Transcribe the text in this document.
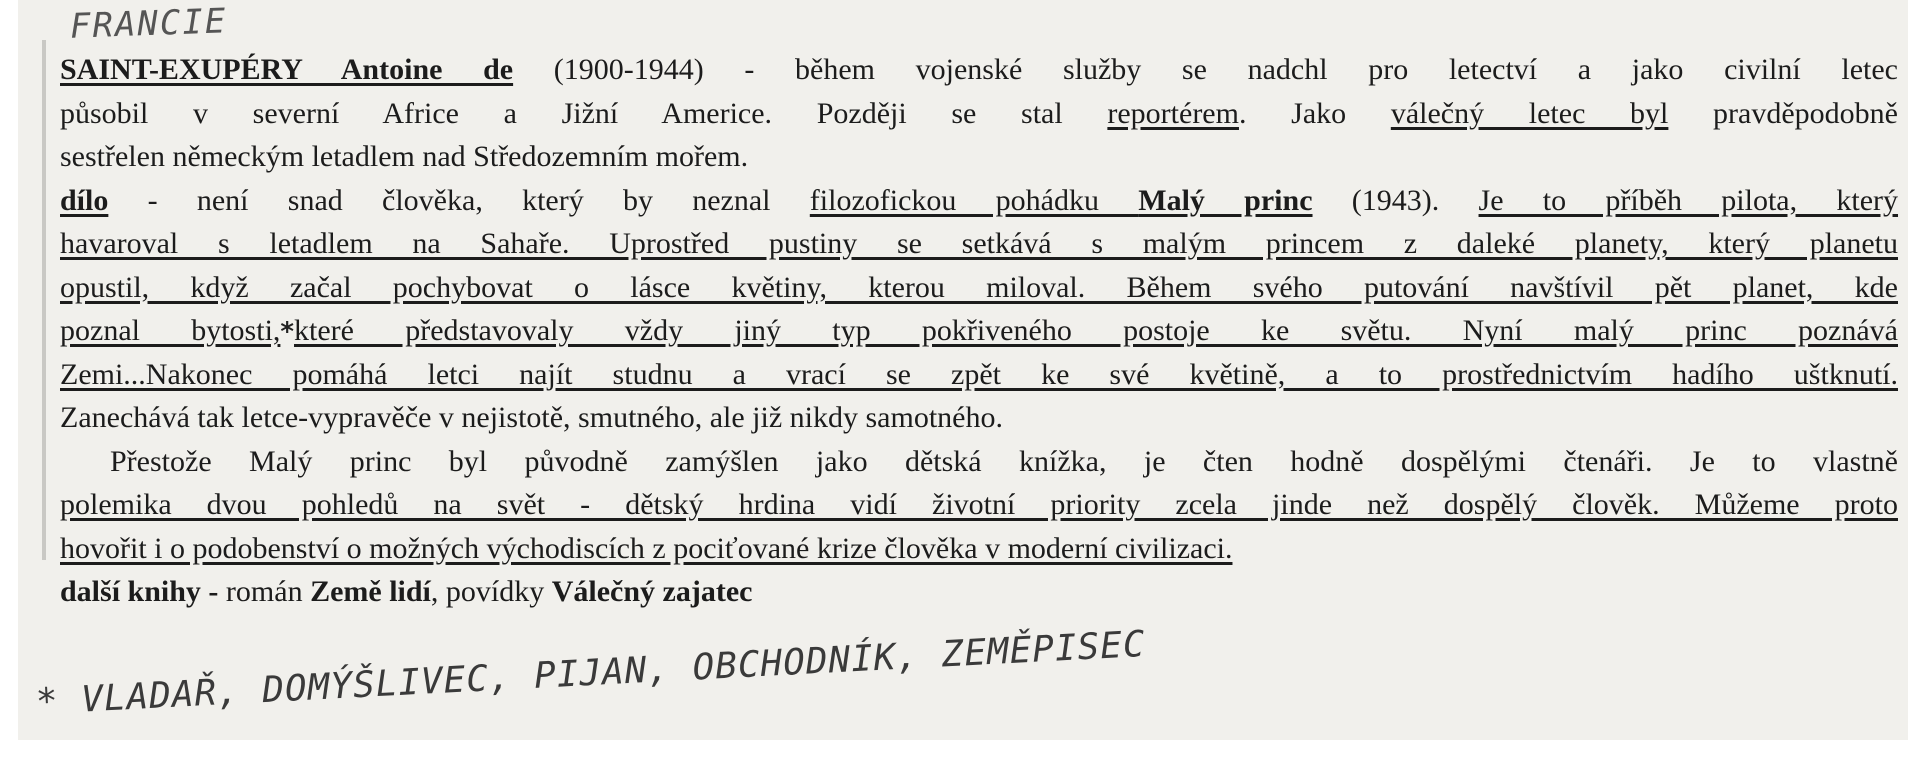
FRANCIE
SAINT-EXUPÉRY Antoine de (1900-1944) - během vojenské služby se nadchl pro letectví a jako civilní letec
působil v severní Africe a Jižní Americe. Později se stal reportérem. Jako válečný letec byl pravděpodobně
sestřelen německým letadlem nad Středozemním mořem.
dílo - není snad člověka, který by neznal filozofickou pohádku Malý princ (1943). Je to příběh pilota, který
havaroval s letadlem na Sahaře. Uprostřed pustiny se setkává s malým princem z daleké planety, který planetu
opustil, když začal pochybovat o lásce květiny, kterou miloval. Během svého putování navštívil pět planet, kde
poznal bytosti,*které představovaly vždy jiný typ pokřiveného postoje ke světu. Nyní malý princ poznává
Zemi...Nakonec pomáhá letci najít studnu a vrací se zpět ke své květině, a to prostřednictvím hadího uštknutí.
Zanechává tak letce-vypravěče v nejistotě, smutného, ale již nikdy samotného.
Přestože Malý princ byl původně zamýšlen jako dětská knížka, je čten hodně dospělými čtenáři. Je to vlastně
polemika dvou pohledů na svět - dětský hrdina vidí životní priority zcela jinde než dospělý člověk. Můžeme proto
hovořit i o podobenství o možných východiscích z pociťované krize člověka v moderní civilizaci.
další knihy - román Země lidí, povídky Válečný zajatec
* VLADAŘ, DOMÝŠLIVEC, PIJAN, OBCHODNÍK, ZEMĚPISEC
